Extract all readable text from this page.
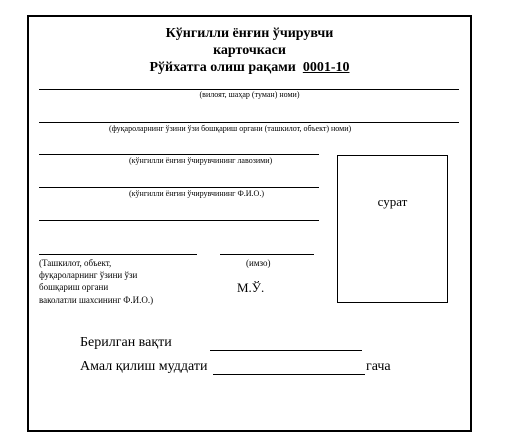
Кўнгилли ёнғин ўчирувчи
карточкаси
Рўйхатга олиш рақами 0001-10
(вилоят, шаҳар (туман) номи)
(фуқароларнинг ўзини ўзи бошқариш органи (ташкилот, объект) номи)
(кўнгилли ёнғин ўчирувчининг лавозими)
(кўнгилли ёнғин ўчирувчининг Ф.И.О.)
сурат
(Ташкилот, объект,
фуқароларнинг ўзини ўзи
бошқариш органи
ваколатли шахсининг Ф.И.О.)
(имзо)
М.Ў.
Берилган вақти
Амал қилиш муддати	гача
